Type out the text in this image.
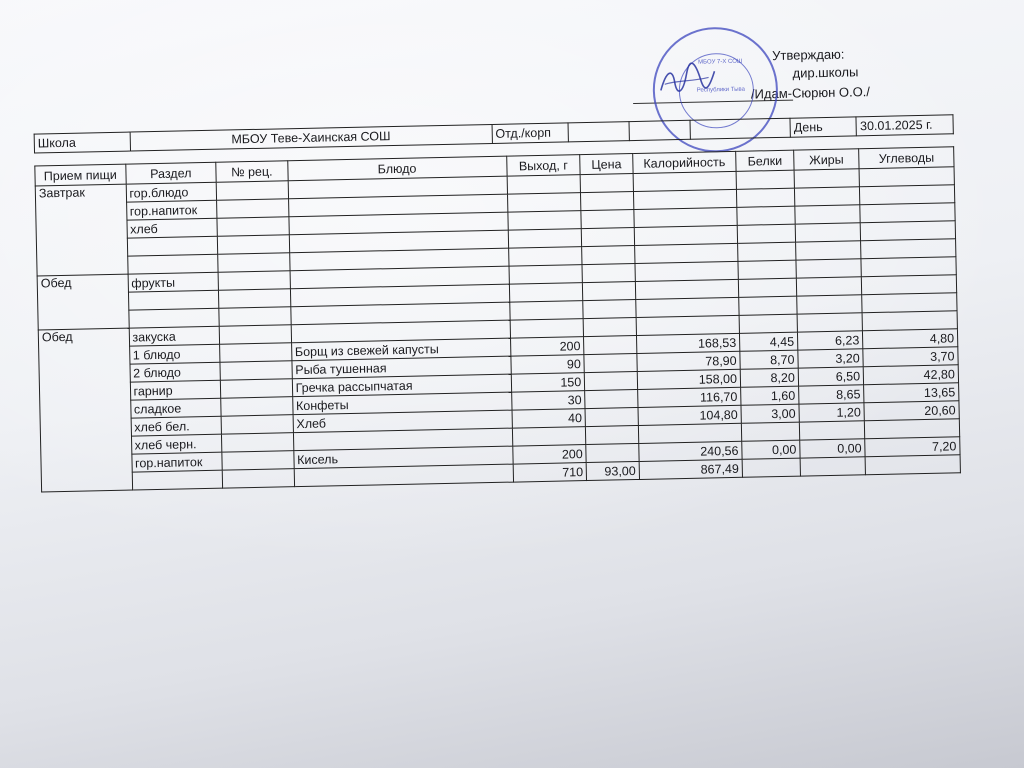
Утверждаю:
дир.школы
/Идам-Сюрюн О.О./
МБОУ 7-Х СОШ

Республики Тыва
Школа	МБОУ Теве-Хаинская СОШ	Отд./корп				День	30.01.2025 г.
Прием пищи	Раздел	№ рец.	Блюдо	Выход, г	Цена	Калорийность	Белки	Жиры	Углеводы
Завтрак	гор.блюдо								
	гор.напиток								
	хлеб								

Обед	фрукты								

Обед	закуска								
	1 блюдо		Борщ из свежей капусты	200		168,53	4,45	6,23	4,80
	2 блюдо		Рыба тушенная	90		78,90	8,70	3,20	3,70
	гарнир		Гречка рассыпчатая	150		158,00	8,20	6,50	42,80
	сладкое		Конфеты	30		116,70	1,60	8,65	13,65
	хлеб бел.		Хлеб	40		104,80	3,00	1,20	20,60
	хлеб черн.								
	гор.напиток		Кисель	200		240,56	0,00	0,00	7,20
				710	93,00	867,49			
